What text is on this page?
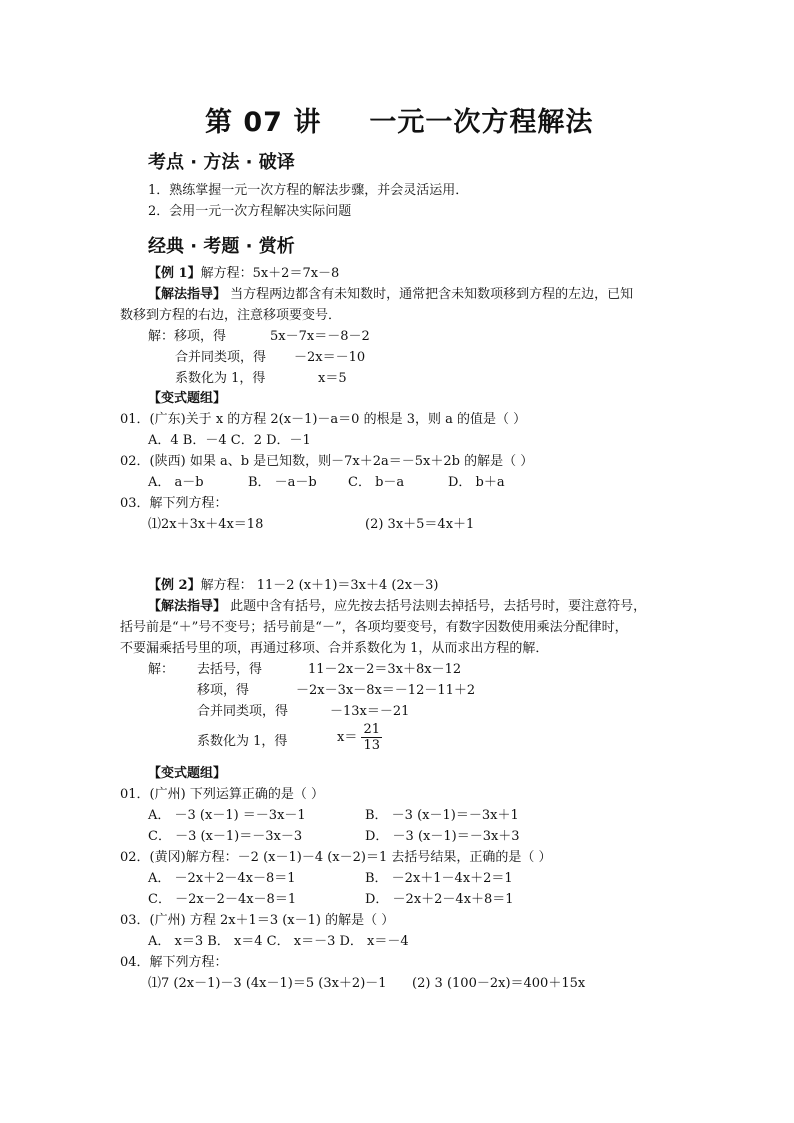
第 07 讲 一元一次方程解法
考点 · 方法 · 破译
1．熟练掌握一元一次方程的解法步骤，并会灵活运用．
2．会用一元一次方程解决实际问题
经典 · 考题 · 赏析
【例 1】解方程：5x＋2＝7x－8
【解法指导】 当方程两边都含有未知数时，通常把含未知数项移到方程的左边，已知
数移到方程的右边，注意移项要变号．
解：移项，得	5x－7x＝－8－2
合并同类项，得 －2x＝－10
系数化为 1，得	x＝5
【变式题组】
01．(广东)关于 x 的方程 2(x－1)－a＝0 的根是 3，则 a 的值是（ ）
A．4 B．－4 C．2 D．－1
02．(陕西) 如果 a、b 是已知数，则－7x＋2a＝－5x＋2b 的解是（ ）
A． a－b	B． －a－b C． b－a	D． b＋a
03．解下列方程：
⑴2x＋3x＋4x＝18	(2) 3x＋5＝4x＋1
【例 2】解方程： 11－2 (x＋1)＝3x＋4 (2x－3)
【解法指导】 此题中含有括号，应先按去括号法则去掉括号，去括号时，要注意符号，
括号前是“＋”号不变号；括号前是“－”，各项均要变号，有数字因数使用乘法分配律时，
不要漏乘括号里的项，再通过移项、合并系数化为 1，从而求出方程的解．
解： 去括号，得	11－2x－2＝3x＋8x－12
移项，得	－2x－3x－8x＝－12－11＋2
合并同类项，得	－13x＝－21
系数化为 1，得	$x= \frac{21}{13}$
【变式题组】
01．(广州) 下列运算正确的是（ ）
A． －3 (x－1) ＝－3x－1	B． －3 (x－1)＝－3x＋1
C． －3 (x－1)＝－3x－3	D． －3 (x－1)＝－3x＋3
02．(黄冈)解方程：－2 (x－1)－4 (x－2)＝1 去括号结果，正确的是（ ）
A． －2x＋2－4x－8＝1	B． －2x＋1－4x＋2＝1
C． －2x－2－4x－8＝1	D． －2x＋2－4x＋8＝1
03．(广州) 方程 2x＋1＝3 (x－1) 的解是（ ）
A． x＝3 B． x＝4 C． x＝－3 D． x＝－4
04．解下列方程：
⑴7 (2x－1)－3 (4x－1)＝5 (3x＋2)－1 (2) 3 (100－2x)＝400＋15x
